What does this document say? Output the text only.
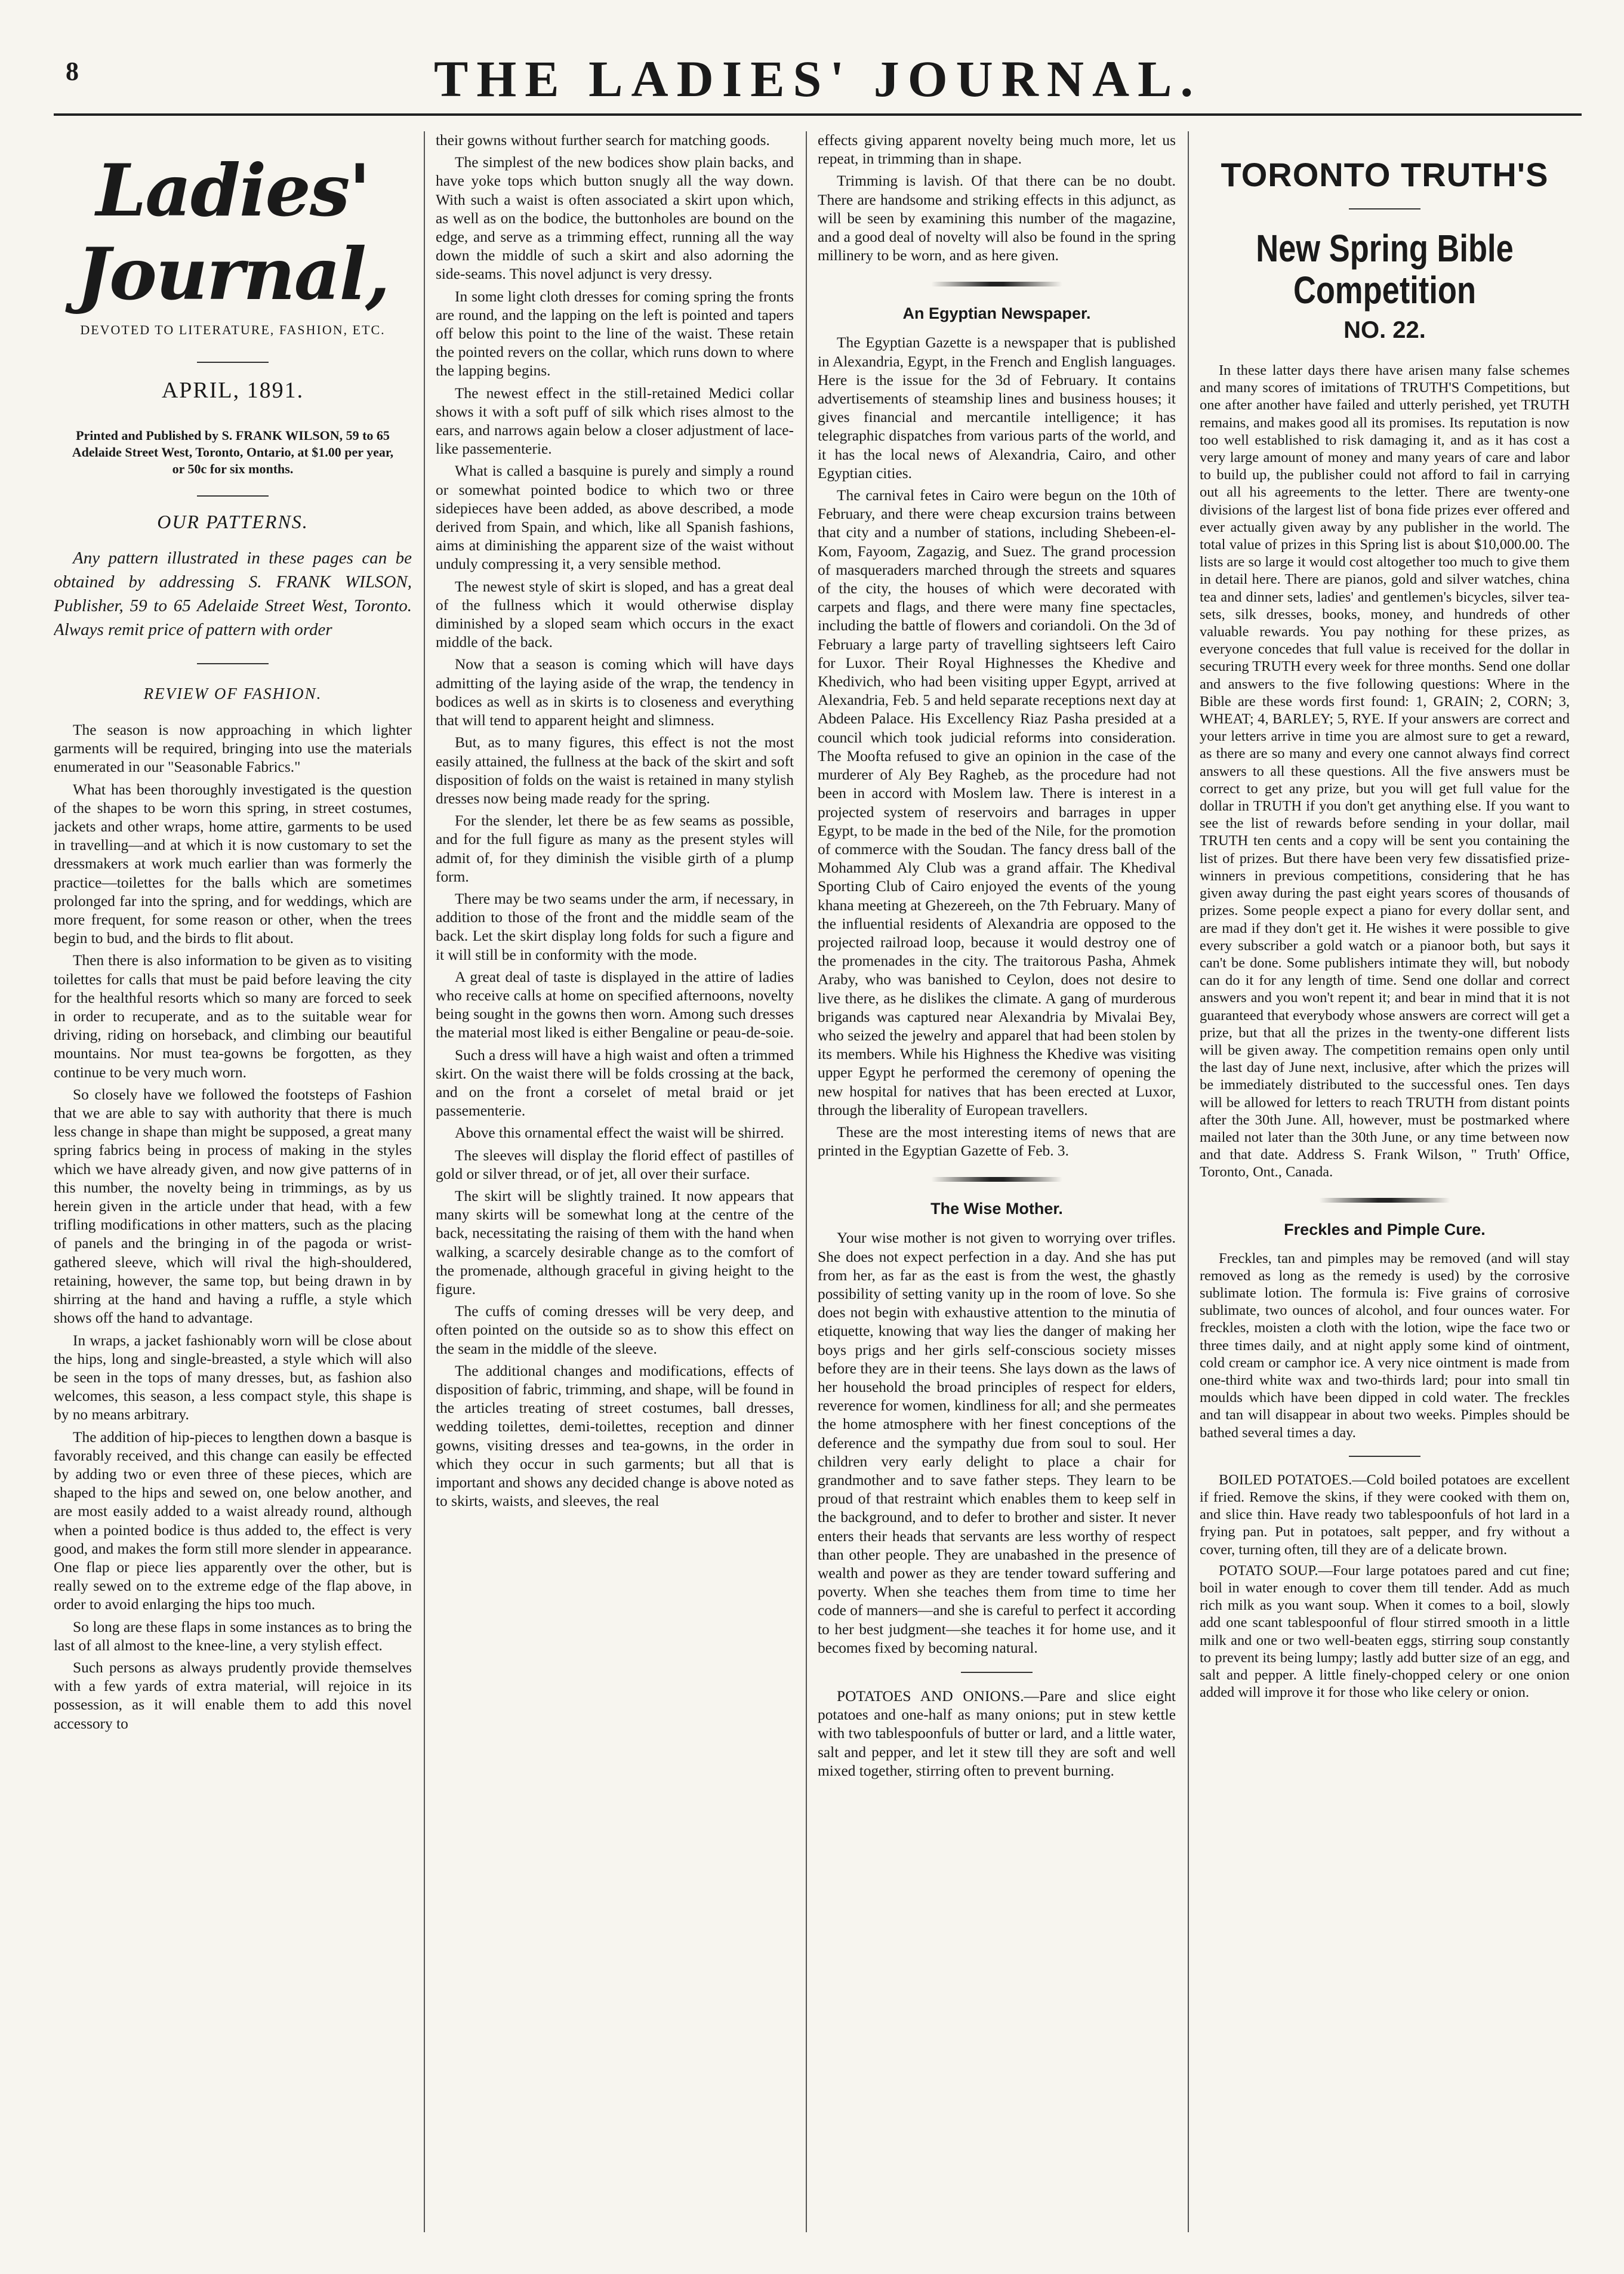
8	THE LADIES' JOURNAL.
Ladies' Journal,
DEVOTED TO LITERATURE, FASHION, ETC.
APRIL, 1891.
Printed and Published by S. FRANK WILSON, 59 to 65 Adelaide Street West, Toronto, Ontario, at $1.00 per year, or 50c for six months.
OUR PATTERNS.
Any pattern illustrated in these pages can be obtained by addressing S. FRANK WILSON, Publisher, 59 to 65 Adelaide Street West, Toronto. Always remit price of pattern with order
REVIEW OF FASHION.

The season is now approaching in which lighter garments will be required, bringing into use the materials enumerated in our "Seasonable Fabrics."

What has been thoroughly investigated is the question of the shapes to be worn this spring, in street costumes, jackets and other wraps, home attire, garments to be used in travelling—and at which it is now customary to set the dressmakers at work much earlier than was formerly the practice—toilettes for the balls which are sometimes prolonged far into the spring, and for weddings, which are more frequent, for some reason or other, when the trees begin to bud, and the birds to flit about.

Then there is also information to be given as to visiting toilettes for calls that must be paid before leaving the city for the healthful resorts which so many are forced to seek in order to recuperate, and as to the suitable wear for driving, riding on horseback, and climbing our beautiful mountains. Nor must tea-gowns be forgotten, as they continue to be very much worn.

So closely have we followed the footsteps of Fashion that we are able to say with authority that there is much less change in shape than might be supposed, a great many spring fabrics being in process of making in the styles which we have already given, and now give patterns of in this number, the novelty being in trimmings, as by us herein given in the article under that head, with a few trifling modifications in other matters, such as the placing of panels and the bringing in of the pagoda or wrist-gathered sleeve, which will rival the high-shouldered, retaining, however, the same top, but being drawn in by shirring at the hand and having a ruffle, a style which shows off the hand to advantage.

In wraps, a jacket fashionably worn will be close about the hips, long and single-breasted, a style which will also be seen in the tops of many dresses, but, as fashion also welcomes, this season, a less compact style, this shape is by no means arbitrary.

The addition of hip-pieces to lengthen down a basque is favorably received, and this change can easily be effected by adding two or even three of these pieces, which are shaped to the hips and sewed on, one below another, and are most easily added to a waist already round, although when a pointed bodice is thus added to, the effect is very good, and makes the form still more slender in appearance. One flap or piece lies apparently over the other, but is really sewed on to the extreme edge of the flap above, in order to avoid enlarging the hips too much.

So long are these flaps in some instances as to bring the last of all almost to the knee-line, a very stylish effect.

Such persons as always prudently provide themselves with a few yards of extra material, will rejoice in its possession, as it will enable them to add this novel accessory to

their gowns without further search for matching goods.

The simplest of the new bodices show plain backs, and have yoke tops which button snugly all the way down. With such a waist is often associated a skirt upon which, as well as on the bodice, the buttonholes are bound on the edge, and serve as a trimming effect, running all the way down the middle of such a skirt and also adorning the side-seams. This novel adjunct is very dressy.

In some light cloth dresses for coming spring the fronts are round, and the lapping on the left is pointed and tapers off below this point to the line of the waist. These retain the pointed revers on the collar, which runs down to where the lapping begins.

The newest effect in the still-retained Medici collar shows it with a soft puff of silk which rises almost to the ears, and narrows again below a closer adjustment of lace-like passementerie.

What is called a basquine is purely and simply a round or somewhat pointed bodice to which two or three sidepieces have been added, as above described, a mode derived from Spain, and which, like all Spanish fashions, aims at diminishing the apparent size of the waist without unduly compressing it, a very sensible method.

The newest style of skirt is sloped, and has a great deal of the fullness which it would otherwise display diminished by a sloped seam which occurs in the exact middle of the back.

Now that a season is coming which will have days admitting of the laying aside of the wrap, the tendency in bodices as well as in skirts is to closeness and everything that will tend to apparent height and slimness.

But, as to many figures, this effect is not the most easily attained, the fullness at the back of the skirt and soft disposition of folds on the waist is retained in many stylish dresses now being made ready for the spring.

For the slender, let there be as few seams as possible, and for the full figure as many as the present styles will admit of, for they diminish the visible girth of a plump form.

There may be two seams under the arm, if necessary, in addition to those of the front and the middle seam of the back. Let the skirt display long folds for such a figure and it will still be in conformity with the mode.

A great deal of taste is displayed in the attire of ladies who receive calls at home on specified afternoons, novelty being sought in the gowns then worn. Among such dresses the material most liked is either Bengaline or peau-de-soie.

Such a dress will have a high waist and often a trimmed skirt. On the waist there will be folds crossing at the back, and on the front a corselet of metal braid or jet passementerie.

Above this ornamental effect the waist will be shirred.

The sleeves will display the florid effect of pastilles of gold or silver thread, or of jet, all over their surface.

The skirt will be slightly trained. It now appears that many skirts will be somewhat long at the centre of the back, necessitating the raising of them with the hand when walking, a scarcely desirable change as to the comfort of the promenade, although graceful in giving height to the figure.

The cuffs of coming dresses will be very deep, and often pointed on the outside so as to show this effect on the seam in the middle of the sleeve.

The additional changes and modifications, effects of disposition of fabric, trimming, and shape, will be found in the articles treating of street costumes, ball dresses, wedding toilettes, demi-toilettes, reception and dinner gowns, visiting dresses and tea-gowns, in the order in which they occur in such garments; but all that is important and shows any decided change is above noted as to skirts, waists, and sleeves, the real

effects giving apparent novelty being much more, let us repeat, in trimming than in shape.

Trimming is lavish. Of that there can be no doubt. There are handsome and striking effects in this adjunct, as will be seen by examining this number of the magazine, and a good deal of novelty will also be found in the spring millinery to be worn, and as here given.

An Egyptian Newspaper.

The Egyptian Gazette is a newspaper that is published in Alexandria, Egypt, in the French and English languages. Here is the issue for the 3d of February. It contains advertisements of steamship lines and business houses; it gives financial and mercantile intelligence; it has telegraphic dispatches from various parts of the world, and it has the local news of Alexandria, Cairo, and other Egyptian cities.

The carnival fetes in Cairo were begun on the 10th of February, and there were cheap excursion trains between that city and a number of stations, including Shebeen-el-Kom, Fayoom, Zagazig, and Suez. The grand procession of masqueraders marched through the streets and squares of the city, the houses of which were decorated with carpets and flags, and there were many fine spectacles, including the battle of flowers and coriandoli. On the 3d of February a large party of travelling sightseers left Cairo for Luxor. Their Royal Highnesses the Khedive and Khedivich, who had been visiting upper Egypt, arrived at Alexandria, Feb. 5 and held separate receptions next day at Abdeen Palace. His Excellency Riaz Pasha presided at a council which took judicial reforms into consideration. The Moofta refused to give an opinion in the case of the murderer of Aly Bey Ragheb, as the procedure had not been in accord with Moslem law. There is interest in a projected system of reservoirs and barrages in upper Egypt, to be made in the bed of the Nile, for the promotion of commerce with the Soudan. The fancy dress ball of the Mohammed Aly Club was a grand affair. The Khedival Sporting Club of Cairo enjoyed the events of the young khana meeting at Ghezereeh, on the 7th February. Many of the influential residents of Alexandria are opposed to the projected railroad loop, because it would destroy one of the promenades in the city. The traitorous Pasha, Ahmek Araby, who was banished to Ceylon, does not desire to live there, as he dislikes the climate. A gang of murderous brigands was captured near Alexandria by Mivalai Bey, who seized the jewelry and apparel that had been stolen by its members. While his Highness the Khedive was visiting upper Egypt he performed the ceremony of opening the new hospital for natives that has been erected at Luxor, through the liberality of European travellers.

These are the most interesting items of news that are printed in the Egyptian Gazette of Feb. 3.

The Wise Mother.

Your wise mother is not given to worrying over trifles. She does not expect perfection in a day. And she has put from her, as far as the east is from the west, the ghastly possibility of setting vanity up in the room of love. So she does not begin with exhaustive attention to the minutia of etiquette, knowing that way lies the danger of making her boys prigs and her girls self-conscious society misses before they are in their teens. She lays down as the laws of her household the broad principles of respect for elders, reverence for women, kindliness for all; and she permeates the home atmosphere with her finest conceptions of the deference and the sympathy due from soul to soul. Her children very early delight to place a chair for grandmother and to save father steps. They learn to be proud of that restraint which enables them to keep self in the background, and to defer to brother and sister. It never enters their heads that servants are less worthy of respect than other people. They are unabashed in the presence of wealth and power as they are tender toward suffering and poverty. When she teaches them from time to time her code of manners—and she is careful to perfect it according to her best judgment—she teaches it for home use, and it becomes fixed by becoming natural.

POTATOES AND ONIONS.—Pare and slice eight potatoes and one-half as many onions; put in stew kettle with two tablespoonfuls of butter or lard, and a little water, salt and pepper, and let it stew till they are soft and well mixed together, stirring often to prevent burning.

TORONTO TRUTH'S
New Spring Bible Competition
NO. 22.

In these latter days there have arisen many false schemes and many scores of imitations of TRUTH'S Competitions, but one after another have failed and utterly perished, yet TRUTH remains, and makes good all its promises. Its reputation is now too well established to risk damaging it, and as it has cost a very large amount of money and many years of care and labor to build up, the publisher could not afford to fail in carrying out all his agreements to the letter. There are twenty-one divisions of the largest list of bona fide prizes ever offered and ever actually given away by any publisher in the world. The total value of prizes in this Spring list is about $10,000.00. The lists are so large it would cost altogether too much to give them in detail here. There are pianos, gold and silver watches, china tea and dinner sets, ladies' and gentlemen's bicycles, silver tea-sets, silk dresses, books, money, and hundreds of other valuable rewards. You pay nothing for these prizes, as everyone concedes that full value is received for the dollar in securing TRUTH every week for three months. Send one dollar and answers to the five following questions: Where in the Bible are these words first found: 1, GRAIN; 2, CORN; 3, WHEAT; 4, BARLEY; 5, RYE. If your answers are correct and your letters arrive in time you are almost sure to get a reward, as there are so many and every one cannot always find correct answers to all these questions. All the five answers must be correct to get any prize, but you will get full value for the dollar in TRUTH if you don't get anything else. If you want to see the list of rewards before sending in your dollar, mail TRUTH ten cents and a copy will be sent you containing the list of prizes. But there have been very few dissatisfied prize-winners in previous competitions, considering that he has given away during the past eight years scores of thousands of prizes. Some people expect a piano for every dollar sent, and are mad if they don't get it. He wishes it were possible to give every subscriber a gold watch or a pianoor both, but says it can't be done. Some publishers intimate they will, but nobody can do it for any length of time. Send one dollar and correct answers and you won't repent it; and bear in mind that it is not guaranteed that everybody whose answers are correct will get a prize, but that all the prizes in the twenty-one different lists will be given away. The competition remains open only until the last day of June next, inclusive, after which the prizes will be immediately distributed to the successful ones. Ten days will be allowed for letters to reach TRUTH from distant points after the 30th June. All, however, must be postmarked where mailed not later than the 30th June, or any time between now and that date. Address S. Frank Wilson, " Truth' Office, Toronto, Ont., Canada.

Freckles and Pimple Cure.

Freckles, tan and pimples may be removed (and will stay removed as long as the remedy is used) by the corrosive sublimate lotion. The formula is: Five grains of corrosive sublimate, two ounces of alcohol, and four ounces water. For freckles, moisten a cloth with the lotion, wipe the face two or three times daily, and at night apply some kind of ointment, cold cream or camphor ice. A very nice ointment is made from one-third white wax and two-thirds lard; pour into small tin moulds which have been dipped in cold water. The freckles and tan will disappear in about two weeks. Pimples should be bathed several times a day.

BOILED POTATOES.—Cold boiled potatoes are excellent if fried. Remove the skins, if they were cooked with them on, and slice thin. Have ready two tablespoonfuls of hot lard in a frying pan. Put in potatoes, salt pepper, and fry without a cover, turning often, till they are of a delicate brown.

POTATO SOUP.—Four large potatoes pared and cut fine; boil in water enough to cover them till tender. Add as much rich milk as you want soup. When it comes to a boil, slowly add one scant tablespoonful of flour stirred smooth in a little milk and one or two well-beaten eggs, stirring soup constantly to prevent its being lumpy; lastly add butter size of an egg, and salt and pepper. A little finely-chopped celery or one onion added will improve it for those who like celery or onion.
